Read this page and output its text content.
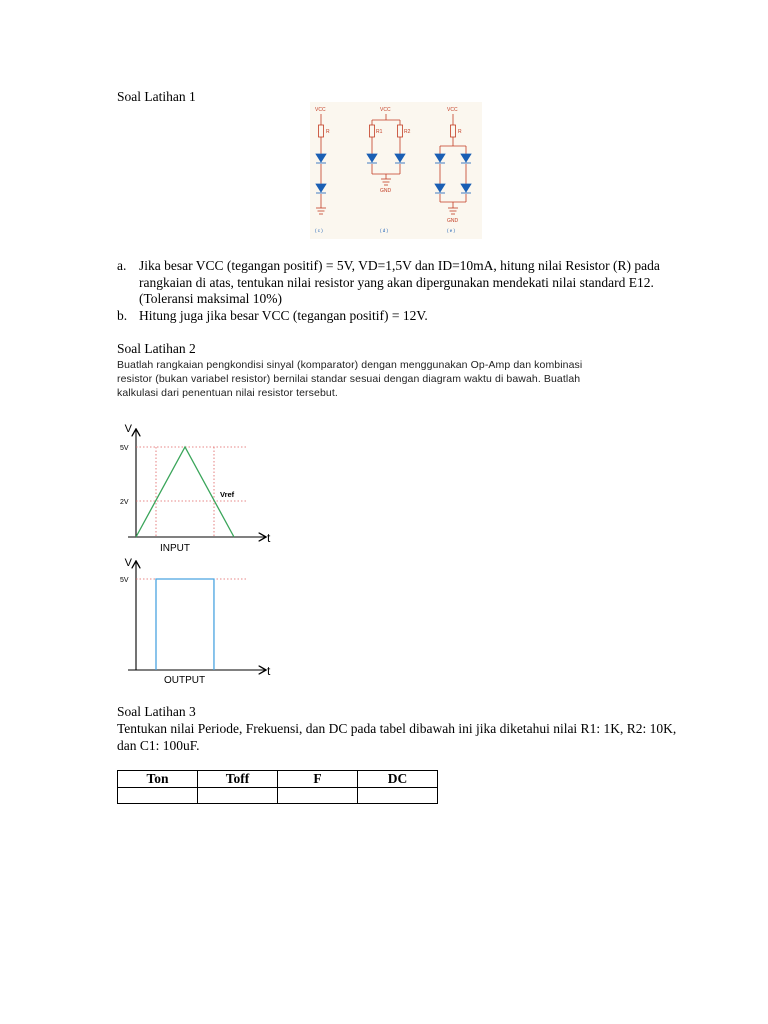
Soal Latihan 1
VCC	VCC	VCC
R	R1	R2	R
GND
GND
( c )	( d )	( e )
a. Jika besar VCC (tegangan positif) = 5V, VD=1,5V dan ID=10mA, hitung nilai Resistor (R) pada rangkaian di atas, tentukan nilai resistor yang akan dipergunakan mendekati nilai standard E12. (Toleransi maksimal 10%)
b. Hitung juga jika besar VCC (tegangan positif) = 12V.
Soal Latihan 2
Buatlah rangkaian pengkondisi sinyal (komparator) dengan menggunakan Op-Amp dan kombinasi resistor (bukan variabel resistor) bernilai standar sesuai dengan diagram waktu di bawah. Buatlah kalkulasi dari penentuan nilai resistor tersebut.
V
t
5V
2V
Vref
INPUT
V
t
5V
OUTPUT
Soal Latihan 3
Tentukan nilai Periode, Frekuensi, dan DC pada tabel dibawah ini jika diketahui nilai R1: 1K, R2: 10K, dan C1: 100uF.
Ton	Toff	F	DC
